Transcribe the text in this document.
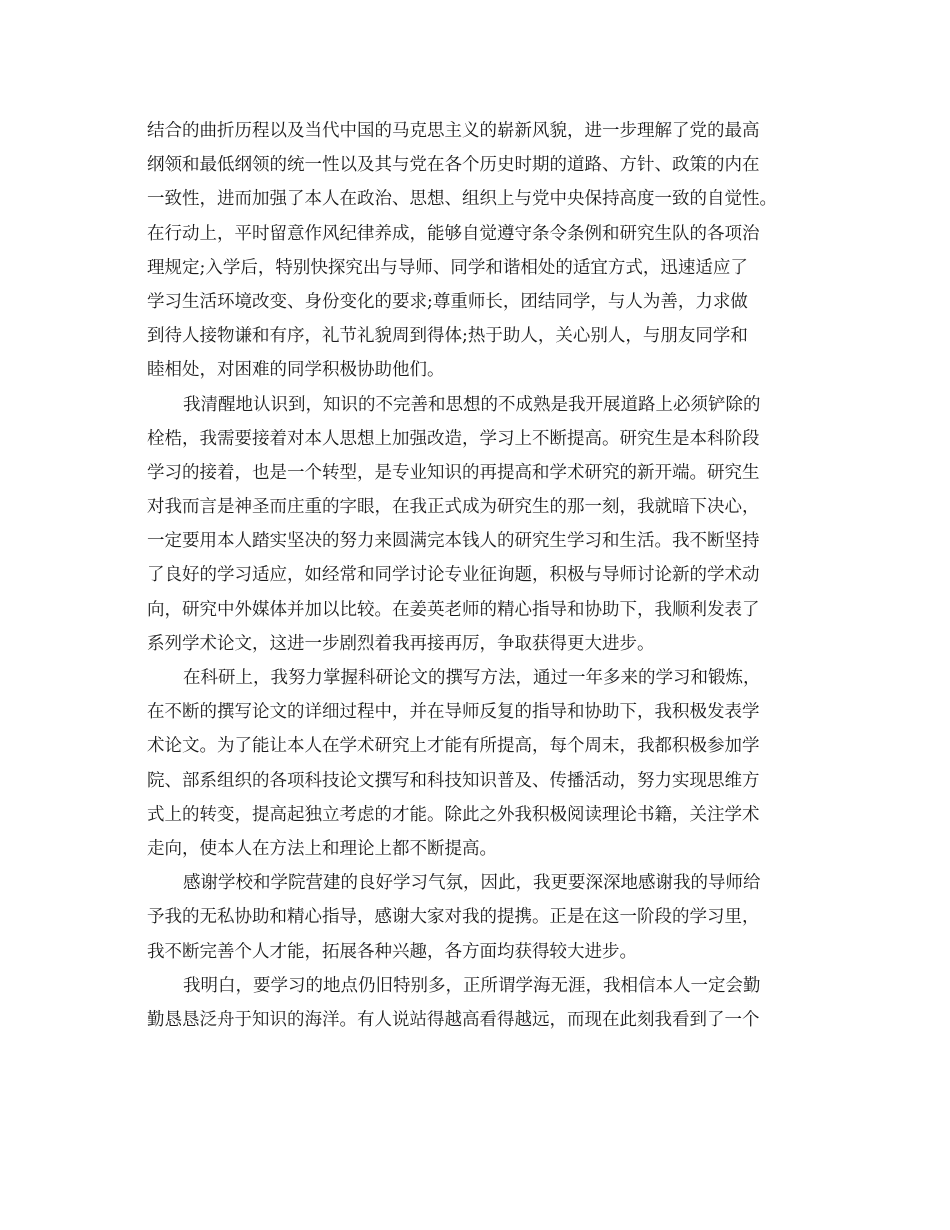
结合的曲折历程以及当代中国的马克思主义的崭新风貌，进一步理解了党的最高
纲领和最低纲领的统一性以及其与党在各个历史时期的道路、方针、政策的内在
一致性，进而加强了本人在政治、思想、组织上与党中央保持高度一致的自觉性。
在行动上，平时留意作风纪律养成，能够自觉遵守条令条例和研究生队的各项治
理规定;入学后，特别快探究出与导师、同学和谐相处的适宜方式，迅速适应了
学习生活环境改变、身份变化的要求;尊重师长，团结同学，与人为善，力求做
到待人接物谦和有序，礼节礼貌周到得体;热于助人，关心别人，与朋友同学和
睦相处，对困难的同学积极协助他们。
我清醒地认识到，知识的不完善和思想的不成熟是我开展道路上必须铲除的
栓梏，我需要接着对本人思想上加强改造，学习上不断提高。研究生是本科阶段
学习的接着，也是一个转型，是专业知识的再提高和学术研究的新开端。研究生
对我而言是神圣而庄重的字眼，在我正式成为研究生的那一刻，我就暗下决心，
一定要用本人踏实坚决的努力来圆满完本钱人的研究生学习和生活。我不断坚持
了良好的学习适应，如经常和同学讨论专业征询题，积极与导师讨论新的学术动
向，研究中外媒体并加以比较。在姜英老师的精心指导和协助下，我顺利发表了
系列学术论文，这进一步剧烈着我再接再厉，争取获得更大进步。
在科研上，我努力掌握科研论文的撰写方法，通过一年多来的学习和锻炼，
在不断的撰写论文的详细过程中，并在导师反复的指导和协助下，我积极发表学
术论文。为了能让本人在学术研究上才能有所提高，每个周末，我都积极参加学
院、部系组织的各项科技论文撰写和科技知识普及、传播活动，努力实现思维方
式上的转变，提高起独立考虑的才能。除此之外我积极阅读理论书籍，关注学术
走向，使本人在方法上和理论上都不断提高。
感谢学校和学院营建的良好学习气氛，因此，我更要深深地感谢我的导师给
予我的无私协助和精心指导，感谢大家对我的提携。正是在这一阶段的学习里，
我不断完善个人才能，拓展各种兴趣，各方面均获得较大进步。
我明白，要学习的地点仍旧特别多，正所谓学海无涯，我相信本人一定会勤
勤恳恳泛舟于知识的海洋。有人说站得越高看得越远，而现在此刻我看到了一个
